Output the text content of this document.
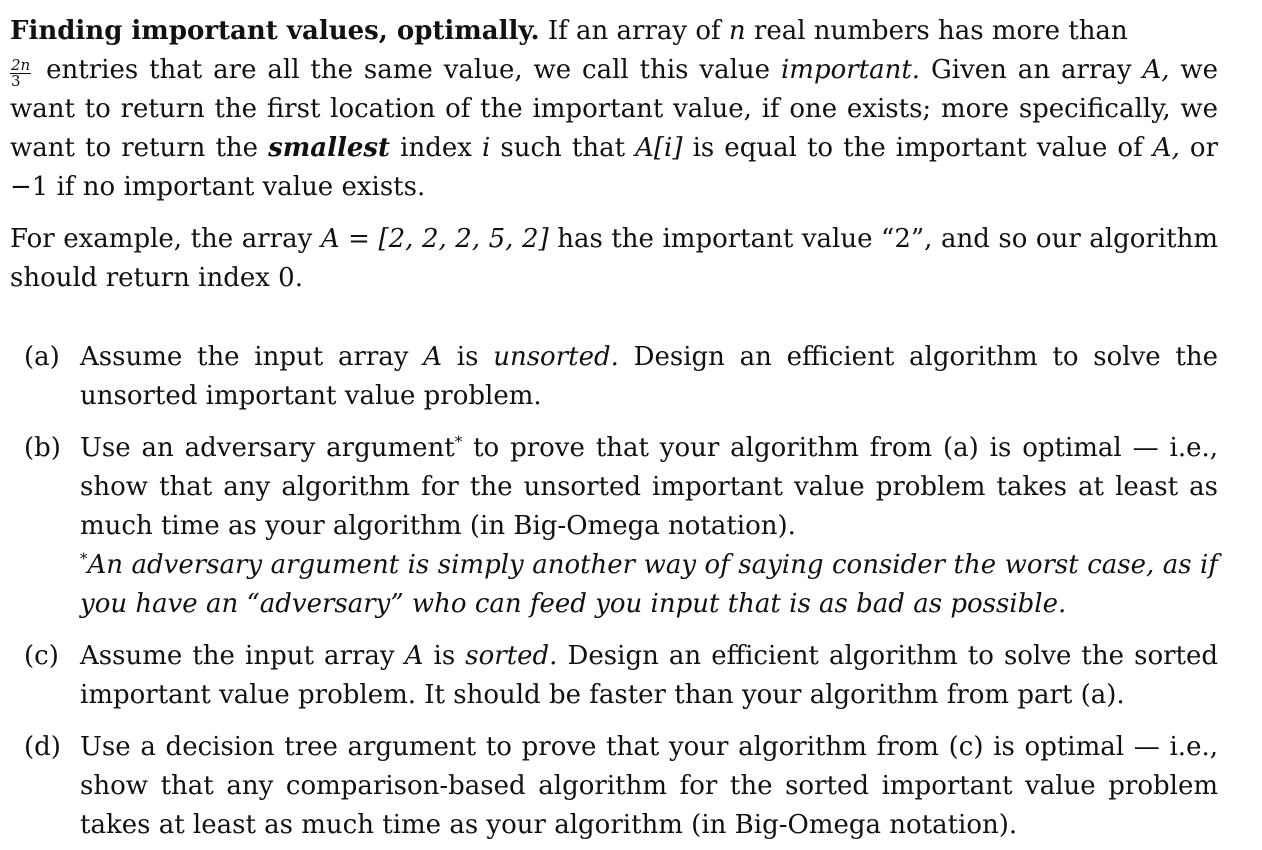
Finding important values, optimally. If an array of n real numbers has more than

$\frac{2n}{3}$ entries that are all the same value, we call this value important. Given an array A, we want to return the first location of the important value, if one exists; more specifically, we want to return the smallest index i such that A[i] is equal to the important value of A, or −1 if no important value exists.

For example, the array A = [2, 2, 2, 5, 2] has the important value “2”, and so our algorithm should return index 0.

(a) Assume the input array A is unsorted. Design an efficient algorithm to solve the unsorted important value problem.
(b) Use an adversary argument* to prove that your algorithm from (a) is optimal — i.e., show that any algorithm for the unsorted important value problem takes at least as much time as your algorithm (in Big-Omega notation).
*An adversary argument is simply another way of saying consider the worst case, as if you have an “adversary” who can feed you input that is as bad as possible.
(c) Assume the input array A is sorted. Design an efficient algorithm to solve the sorted important value problem. It should be faster than your algorithm from part (a).
(d) Use a decision tree argument to prove that your algorithm from (c) is optimal — i.e., show that any comparison-based algorithm for the sorted important value problem takes at least as much time as your algorithm (in Big-Omega notation).
